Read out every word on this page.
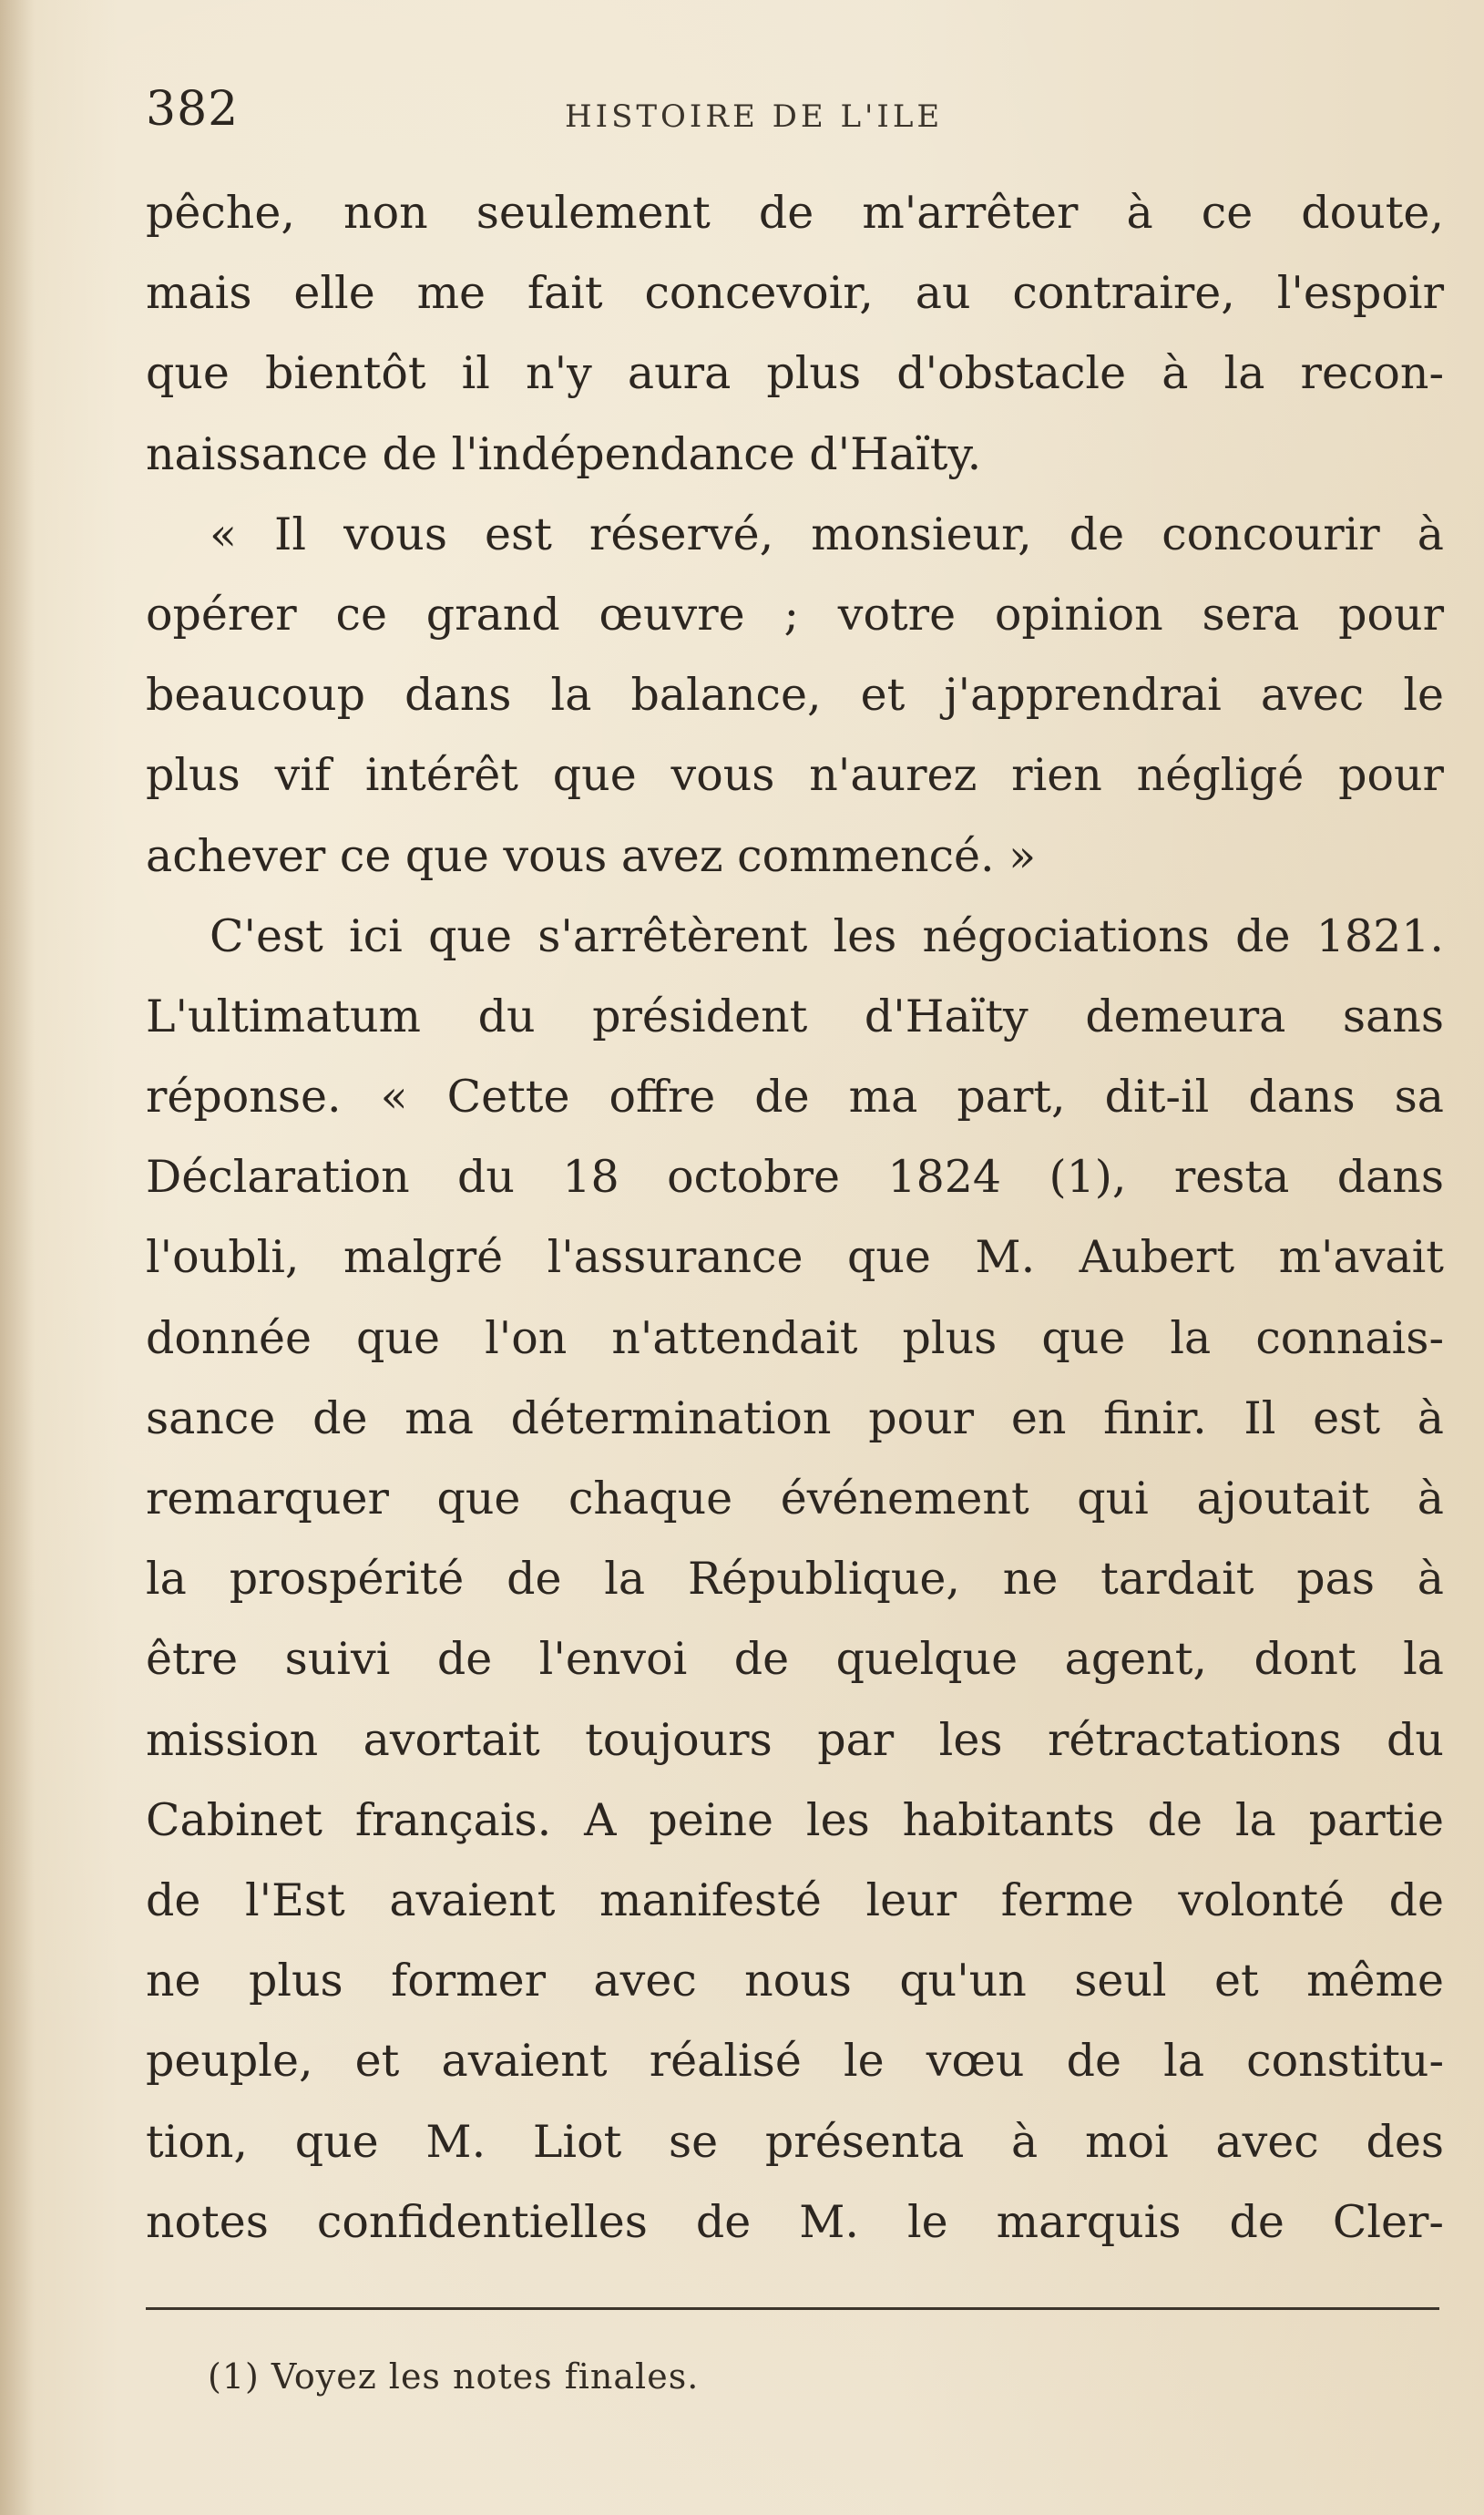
382	HISTOIRE DE L'ILE
pêche, non seulement de m'arrêter à ce doute,
mais elle me fait concevoir, au contraire, l'espoir
que bientôt il n'y aura plus d'obstacle à la recon-
naissance de l'indépendance d'Haïty.
« Il vous est réservé, monsieur, de concourir à
opérer ce grand œuvre ; votre opinion sera pour
beaucoup dans la balance, et j'apprendrai avec le
plus vif intérêt que vous n'aurez rien négligé pour
achever ce que vous avez commencé. »
C'est ici que s'arrêtèrent les négociations de 1821.
L'ultimatum du président d'Haïty demeura sans
réponse. « Cette offre de ma part, dit-il dans sa
Déclaration du 18 octobre 1824 (1), resta dans
l'oubli, malgré l'assurance que M. Aubert m'avait
donnée que l'on n'attendait plus que la connais-
sance de ma détermination pour en finir. Il est à
remarquer que chaque événement qui ajoutait à
la prospérité de la République, ne tardait pas à
être suivi de l'envoi de quelque agent, dont la
mission avortait toujours par les rétractations du
Cabinet français. A peine les habitants de la partie
de l'Est avaient manifesté leur ferme volonté de
ne plus former avec nous qu'un seul et même
peuple, et avaient réalisé le vœu de la constitu-
tion, que M. Liot se présenta à moi avec des
notes confidentielles de M. le marquis de Cler-
(1) Voyez les notes finales.
